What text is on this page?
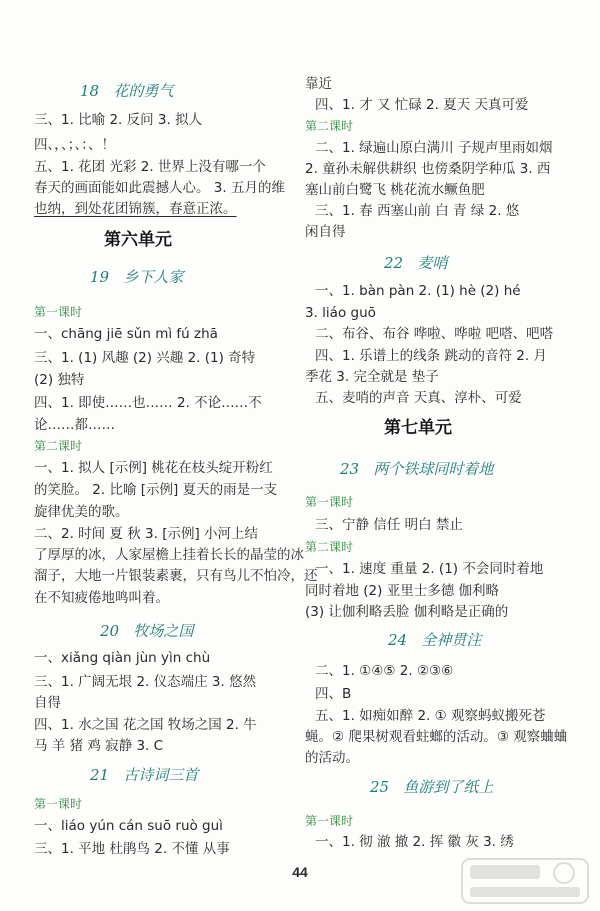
18 花的勇气
三、1. 比喻 2. 反问 3. 拟人
四、，、；、：、！
五、1. 花团 光彩 2. 世界上没有哪一个
春天的画面能如此震撼人心。 3. 五月的维
也纳，到处花团锦簇，春意正浓。
第六单元
19 乡下人家
第一课时
一、chāng jiē sǔn mì fú zhā
三、1. (1) 风趣 (2) 兴趣 2. (1) 奇特
(2) 独特
四、1. 即使……也…… 2. 不论……不
论……都……
第二课时
一、1. 拟人 [示例] 桃花在枝头绽开粉红
的笑脸。 2. 比喻 [示例] 夏天的雨是一支
旋律优美的歌。
二、2. 时间 夏 秋 3. [示例] 小河上结
了厚厚的冰，人家屋檐上挂着长长的晶莹的冰
溜子，大地一片银装素裹，只有鸟儿不怕冷，还
在不知疲倦地鸣叫着。
20 牧场之国
一、xiǎng qiàn jùn yìn chù
三、1. 广阔无垠 2. 仪态端庄 3. 悠然
自得
四、1. 水之国 花之国 牧场之国 2. 牛
马 羊 猪 鸡 寂静 3. C
21 古诗词三首
第一课时
一、liáo yún cán suō ruò guì
三、1. 平地 杜鹃鸟 2. 不懂 从事
靠近
四、1. 才 又 忙碌 2. 夏天 天真可爱
第二课时
二、1. 绿遍山原白满川 子规声里雨如烟
2. 童孙未解供耕织 也傍桑阴学种瓜 3. 西
塞山前白鹭飞 桃花流水鳜鱼肥
三、1. 春 西塞山前 白 青 绿 2. 悠
闲自得
22 麦哨
一、1. bàn pàn 2. (1) hè (2) hé
3. liáo guō
二、布谷、布谷 哗啦、哗啦 吧嗒、吧嗒
四、1. 乐谱上的线条 跳动的音符 2. 月
季花 3. 完全就是 垫子
五、麦哨的声音 天真、淳朴、可爱
第七单元
23 两个铁球同时着地
第一课时
三、宁静 信任 明白 禁止
第二课时
一、1. 速度 重量 2. (1) 不会同时着地
同时着地 (2) 亚里士多德 伽利略
(3) 让伽利略丢脸 伽利略是正确的
24 全神贯注
二、1. ①④⑤ 2. ②③⑥
四、B
五、1. 如痴如醉 2. ① 观察蚂蚁搬死苍
蝇。② 爬果树观看蛀螂的活动。③ 观察蛐蛐
的活动。
25 鱼游到了纸上
第一课时
一、1. 彻 澈 撤 2. 挥 徽 灰 3. 绣
44
